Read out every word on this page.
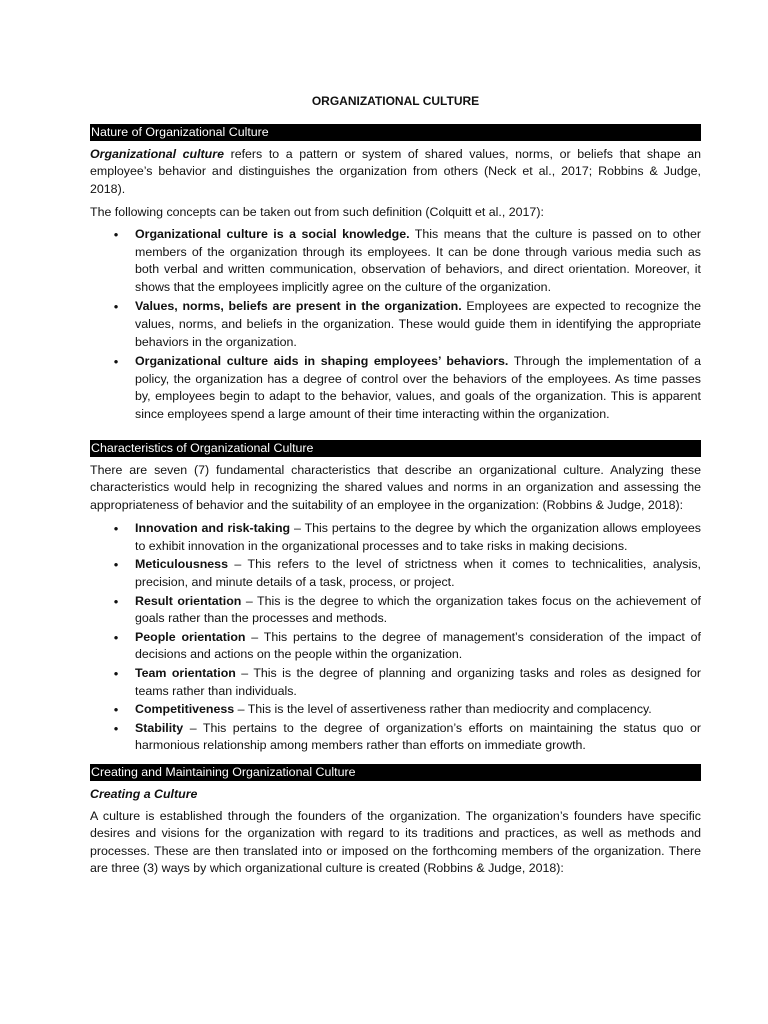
ORGANIZATIONAL CULTURE
Nature of Organizational Culture

Organizational culture refers to a pattern or system of shared values, norms, or beliefs that shape an employee’s behavior and distinguishes the organization from others (Neck et al., 2017; Robbins & Judge, 2018).

The following concepts can be taken out from such definition (Colquitt et al., 2017):

• Organizational culture is a social knowledge. This means that the culture is passed on to other members of the organization through its employees. It can be done through various media such as both verbal and written communication, observation of behaviors, and direct orientation. Moreover, it shows that the employees implicitly agree on the culture of the organization.
• Values, norms, beliefs are present in the organization. Employees are expected to recognize the values, norms, and beliefs in the organization. These would guide them in identifying the appropriate behaviors in the organization.
• Organizational culture aids in shaping employees’ behaviors. Through the implementation of a policy, the organization has a degree of control over the behaviors of the employees. As time passes by, employees begin to adapt to the behavior, values, and goals of the organization. This is apparent since employees spend a large amount of their time interacting within the organization.
Characteristics of Organizational Culture

There are seven (7) fundamental characteristics that describe an organizational culture. Analyzing these characteristics would help in recognizing the shared values and norms in an organization and assessing the appropriateness of behavior and the suitability of an employee in the organization: (Robbins & Judge, 2018):

• Innovation and risk-taking – This pertains to the degree by which the organization allows employees to exhibit innovation in the organizational processes and to take risks in making decisions.
• Meticulousness – This refers to the level of strictness when it comes to technicalities, analysis, precision, and minute details of a task, process, or project.
• Result orientation – This is the degree to which the organization takes focus on the achievement of goals rather than the processes and methods.
• People orientation – This pertains to the degree of management’s consideration of the impact of decisions and actions on the people within the organization.
• Team orientation – This is the degree of planning and organizing tasks and roles as designed for teams rather than individuals.
• Competitiveness – This is the level of assertiveness rather than mediocrity and complacency.
• Stability – This pertains to the degree of organization’s efforts on maintaining the status quo or harmonious relationship among members rather than efforts on immediate growth.
Creating and Maintaining Organizational Culture
Creating a Culture

A culture is established through the founders of the organization. The organization’s founders have specific desires and visions for the organization with regard to its traditions and practices, as well as methods and processes. These are then translated into or imposed on the forthcoming members of the organization. There are three (3) ways by which organizational culture is created (Robbins & Judge, 2018):
